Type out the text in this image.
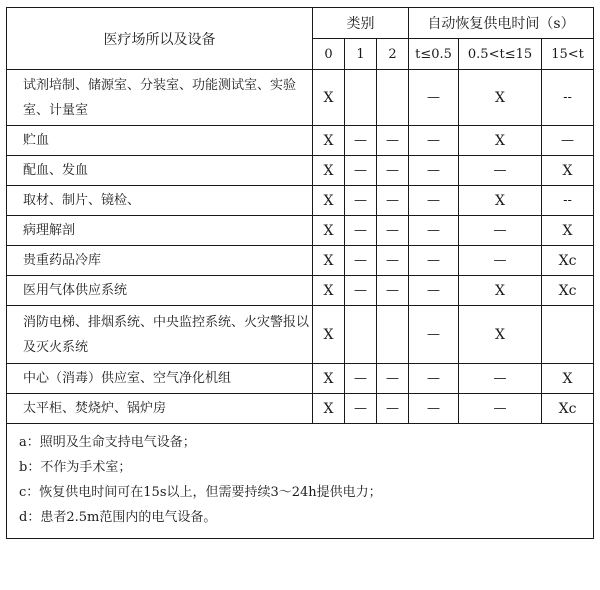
医疗场所以及设备	类别			自动恢复供电时间（s）		
	0	1	2	t≤0.5	0.5<t≤15	15<t
试剂培制、储源室、分装室、功能测试室、实验室、计量室	X			—	X	--
贮血	X	—	—	—	X	—
配血、发血	X	—	—	—	—	X
取材、制片、镜检、	X	—	—	—	X	--
病理解剖	X	—	—	—	—	X
贵重药品冷库	X	—	—	—	—	Xc
医用气体供应系统	X	—	—	—	X	Xc
消防电梯、排烟系统、中央监控系统、火灾警报以及灭火系统	X			—	X	
中心（消毒）供应室、空气净化机组	X	—	—	—	—	X
太平柜、焚烧炉、锅炉房	X	—	—	—	—	Xc

a：照明及生命支持电气设备；
b：不作为手术室；
c：恢复供电时间可在15s以上，但需要持续3～24h提供电力；
d：患者2.5m范围内的电气设备。						
